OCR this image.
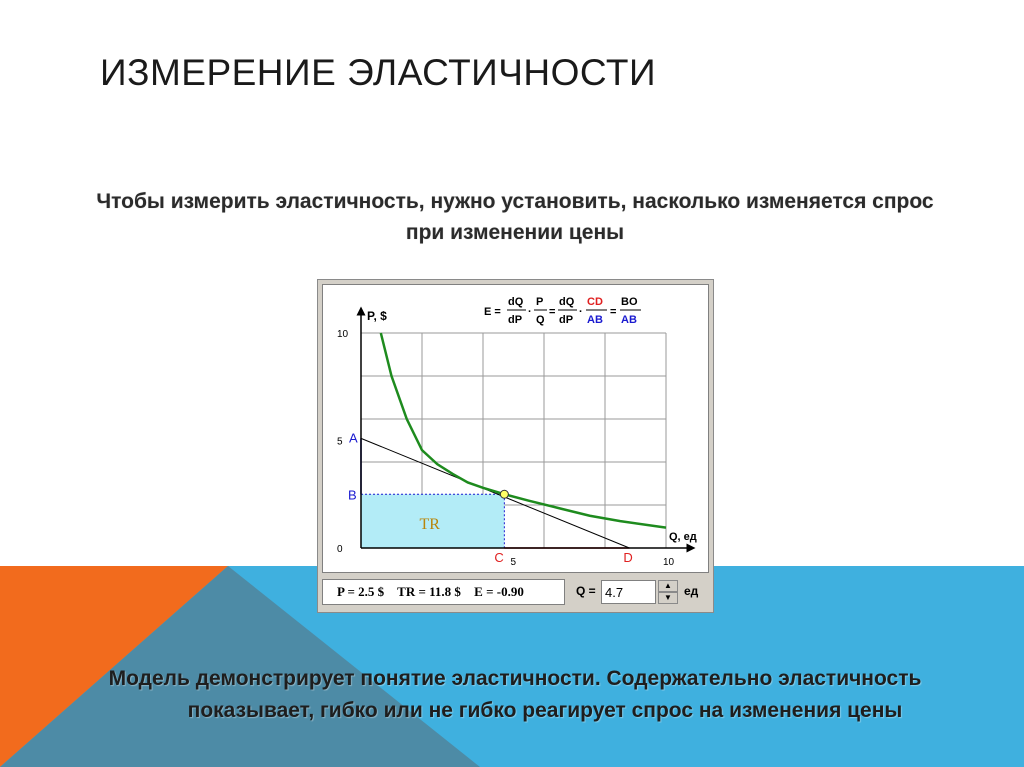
ИЗМЕРЕНИЕ ЭЛАСТИЧНОСТИ
Чтобы измерить эластичность, нужно установить, насколько изменяется спрос
при изменении цены
P, $
Q, ед
5	10
10
5
0
A
B
C	D
TR
E =
dQ
dP
·
P
Q
=
dQ
dP
·
CD
AB
=
BO
AB
P = 2.5 $ TR = 11.8 $ E = -0.90	Q =
4.7	▲
▼	ед
Модель демонстрирует понятие эластичности. Содержательно эластичность
показывает, гибко или не гибко реагирует спрос на изменения цены
